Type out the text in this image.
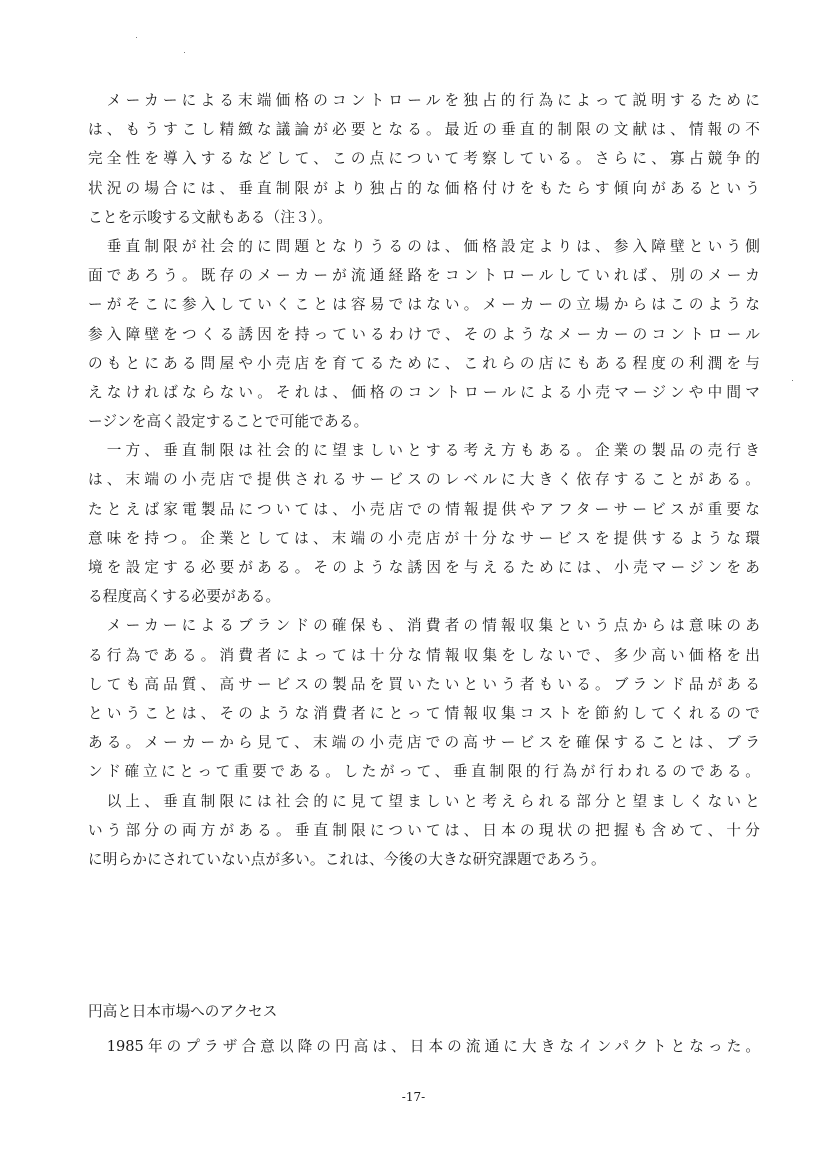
　メーカーによる末端価格のコントロールを独占的行為によって説明するために
は、もうすこし精緻な議論が必要となる。最近の垂直的制限の文献は、情報の不
完全性を導入するなどして、この点について考察している。さらに、寡占競争的
状況の場合には、垂直制限がより独占的な価格付けをもたらす傾向があるという
ことを示唆する文献もある（注３）。
　垂直制限が社会的に問題となりうるのは、価格設定よりは、参入障壁という側
面であろう。既存のメーカーが流通経路をコントロールしていれば、別のメーカ
ーがそこに参入していくことは容易ではない。メーカーの立場からはこのような
参入障壁をつくる誘因を持っているわけで、そのようなメーカーのコントロール
のもとにある問屋や小売店を育てるために、これらの店にもある程度の利潤を与
えなければならない。それは、価格のコントロールによる小売マージンや中間マ
ージンを高く設定することで可能である。
　一方、垂直制限は社会的に望ましいとする考え方もある。企業の製品の売行き
は、末端の小売店で提供されるサービスのレベルに大きく依存することがある。
たとえば家電製品については、小売店での情報提供やアフターサービスが重要な
意味を持つ。企業としては、末端の小売店が十分なサービスを提供するような環
境を設定する必要がある。そのような誘因を与えるためには、小売マージンをあ
る程度高くする必要がある。
　メーカーによるブランドの確保も、消費者の情報収集という点からは意味のあ
る行為である。消費者によっては十分な情報収集をしないで、多少高い価格を出
しても高品質、高サービスの製品を買いたいという者もいる。ブランド品がある
ということは、そのような消費者にとって情報収集コストを節約してくれるので
ある。メーカーから見て、末端の小売店での高サービスを確保することは、ブラ
ンド確立にとって重要である。したがって、垂直制限的行為が行われるのである。
　以上、垂直制限には社会的に見て望ましいと考えられる部分と望ましくないと
いう部分の両方がある。垂直制限については、日本の現状の把握も含めて、十分
に明らかにされていない点が多い。これは、今後の大きな研究課題であろう。
円高と日本市場へのアクセス
　1985年のプラザ合意以降の円高は、日本の流通に大きなインパクトとなった。
-17-
